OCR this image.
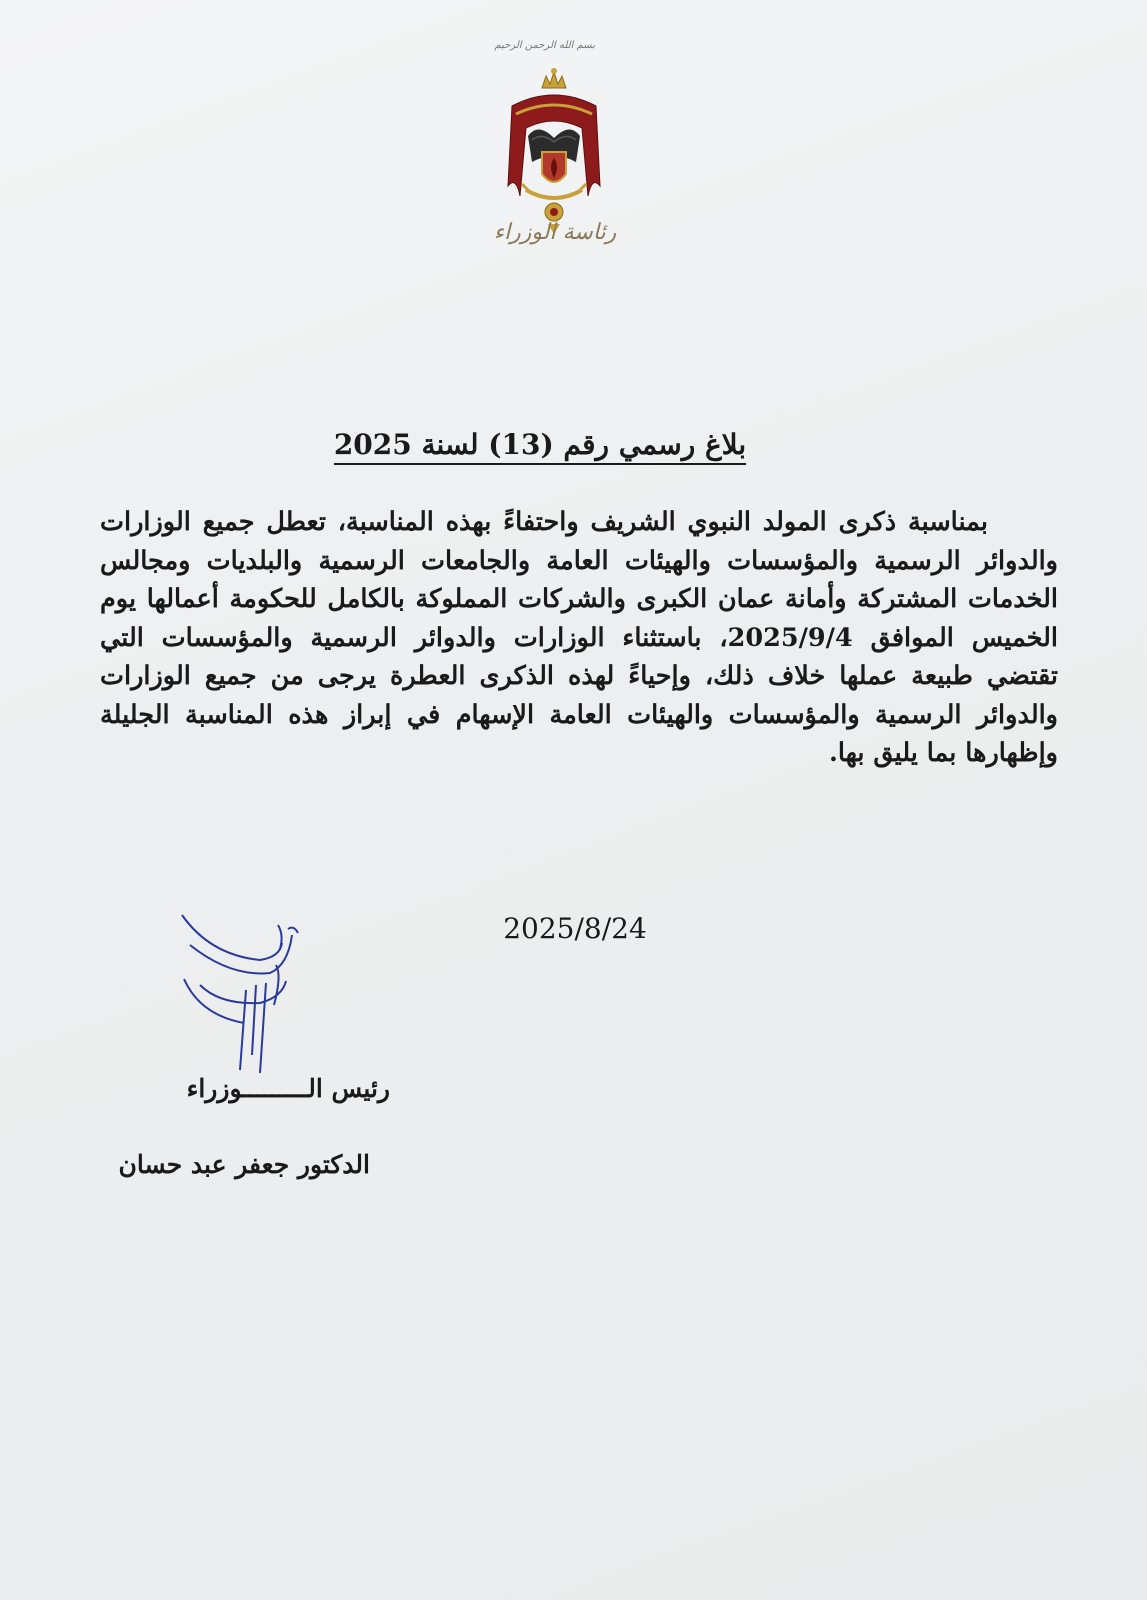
بسم الله الرحمن الرحيم
رئاسة الوزراء
بلاغ رسمي رقم (13) لسنة 2025
بمناسبة ذكرى المولد النبوي الشريف واحتفاءً بهذه المناسبة، تعطل جميع الوزارات والدوائر الرسمية والمؤسسات والهيئات العامة والجامعات الرسمية والبلديات ومجالس الخدمات المشتركة وأمانة عمان الكبرى والشركات المملوكة بالكامل للحكومة أعمالها يوم الخميس الموافق 2025/9/4، باستثناء الوزارات والدوائر الرسمية والمؤسسات التي تقتضي طبيعة عملها خلاف ذلك، وإحياءً لهذه الذكرى العطرة يرجى من جميع الوزارات والدوائر الرسمية والمؤسسات والهيئات العامة الإسهام في إبراز هذه المناسبة الجليلة وإظهارها بما يليق بها.
2025/8/24
رئيس الـــــــــوزراء
الدكتور جعفر عبد حسان
